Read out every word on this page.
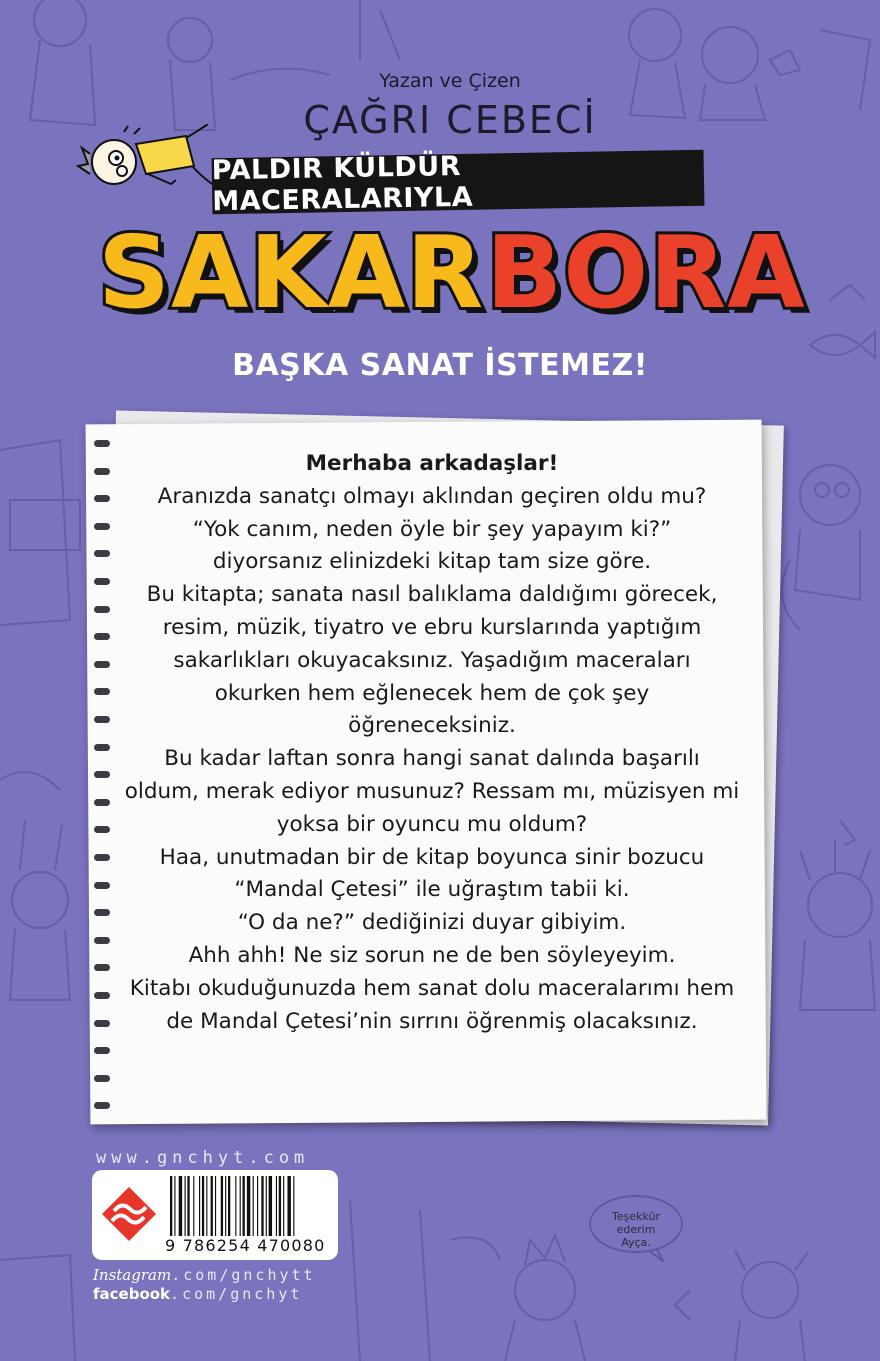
Yazan ve Çizen
ÇAĞRI CEBECİ
PALDIR KÜLDÜR MACERALARIYLA
SAKAR BORA
BAŞKA SANAT İSTEMEZ!

Merhaba arkadaşlar!

Aranızda sanatçı olmayı aklından geçiren oldu mu?

“Yok canım, neden öyle bir şey yapayım ki?”

diyorsanız elinizdeki kitap tam size göre.

Bu kitapta; sanata nasıl balıklama daldığımı görecek,

resim, müzik, tiyatro ve ebru kurslarında yaptığım

sakarlıkları okuyacaksınız. Yaşadığım maceraları

okurken hem eğlenecek hem de çok şey

öğreneceksiniz.

Bu kadar laftan sonra hangi sanat dalında başarılı

oldum, merak ediyor musunuz? Ressam mı, müzisyen mi

yoksa bir oyuncu mu oldum?

Haa, unutmadan bir de kitap boyunca sinir bozucu

“Mandal Çetesi” ile uğraştım tabii ki.

“O da ne?” dediğinizi duyar gibiyim.

Ahh ahh! Ne siz sorun ne de ben söyleyeyim.

Kitabı okuduğunuzda hem sanat dolu maceralarımı hem

de Mandal Çetesi’nin sırrını öğrenmiş olacaksınız.

Teşekkür
ederim
Ayça.
www.gnchyt.com
9 786254 470080
Instagram.com/gnchytt
facebook.com/gnchyt
